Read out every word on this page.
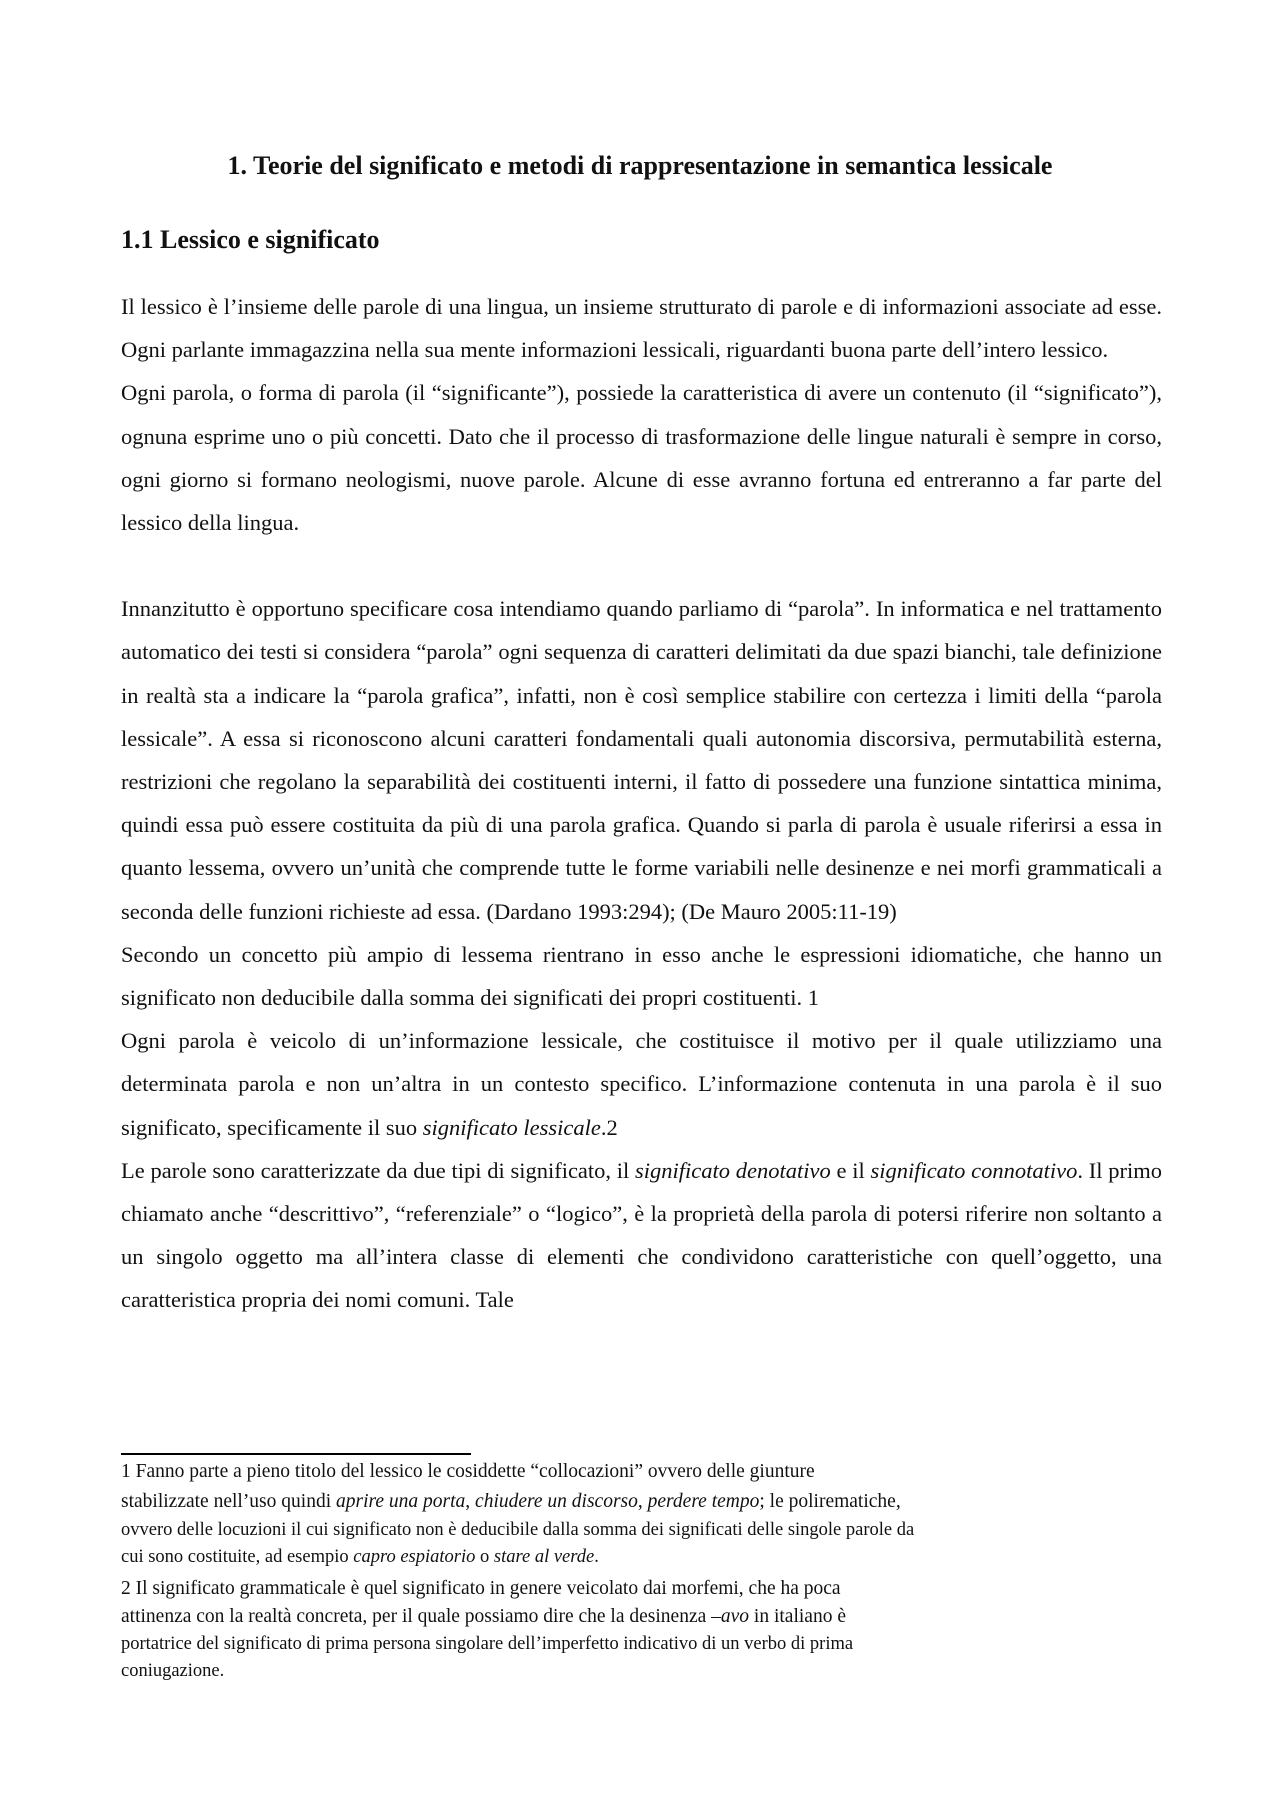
1. Teorie del significato e metodi di rappresentazione in semantica lessicale
1.1 Lessico e significato

Il lessico è l’insieme delle parole di una lingua, un insieme strutturato di parole e di informazioni associate ad esse. Ogni parlante immagazzina nella sua mente informazioni lessicali, riguardanti buona parte dell’intero lessico.

Ogni parola, o forma di parola (il “significante”), possiede la caratteristica di avere un contenuto (il “significato”), ognuna esprime uno o più concetti. Dato che il processo di trasformazione delle lingue naturali è sempre in corso, ogni giorno si formano neologismi, nuove parole. Alcune di esse avranno fortuna ed entreranno a far parte del lessico della lingua.

Innanzitutto è opportuno specificare cosa intendiamo quando parliamo di “parola”. In informatica e nel trattamento automatico dei testi si considera “parola” ogni sequenza di caratteri delimitati da due spazi bianchi, tale definizione in realtà sta a indicare la “parola grafica”, infatti, non è così semplice stabilire con certezza i limiti della “parola lessicale”. A essa si riconoscono alcuni caratteri fondamentali quali autonomia discorsiva, permutabilità esterna, restrizioni che regolano la separabilità dei costituenti interni, il fatto di possedere una funzione sintattica minima, quindi essa può essere costituita da più di una parola grafica. Quando si parla di parola è usuale riferirsi a essa in quanto lessema, ovvero un’unità che comprende tutte le forme variabili nelle desinenze e nei morfi grammaticali a seconda delle funzioni richieste ad essa. (Dardano 1993:294); (De Mauro 2005:11-19)

Secondo un concetto più ampio di lessema rientrano in esso anche le espressioni idiomatiche, che hanno un significato non deducibile dalla somma dei significati dei propri costituenti. 1

Ogni parola è veicolo di un’informazione lessicale, che costituisce il motivo per il quale utilizziamo una determinata parola e non un’altra in un contesto specifico. L’informazione contenuta in una parola è il suo significato, specificamente il suo significato lessicale.2

Le parole sono caratterizzate da due tipi di significato, il significato denotativo e il significato connotativo. Il primo chiamato anche “descrittivo”, “referenziale” o “logico”, è la proprietà della parola di potersi riferire non soltanto a un singolo oggetto ma all’intera classe di elementi che condividono caratteristiche con quell’oggetto, una caratteristica propria dei nomi comuni. Tale

1 Fanno parte a pieno titolo del lessico le cosiddette “collocazioni” ovvero delle giunture
stabilizzate nell’uso quindi aprire una porta, chiudere un discorso, perdere tempo; le polirematiche,
ovvero delle locuzioni il cui significato non è deducibile dalla somma dei significati delle singole parole da
cui sono costituite, ad esempio capro espiatorio o stare al verde.
2 Il significato grammaticale è quel significato in genere veicolato dai morfemi, che ha poca
attinenza con la realtà concreta, per il quale possiamo dire che la desinenza –avo in italiano è
portatrice del significato di prima persona singolare dell’imperfetto indicativo di un verbo di prima
coniugazione.
